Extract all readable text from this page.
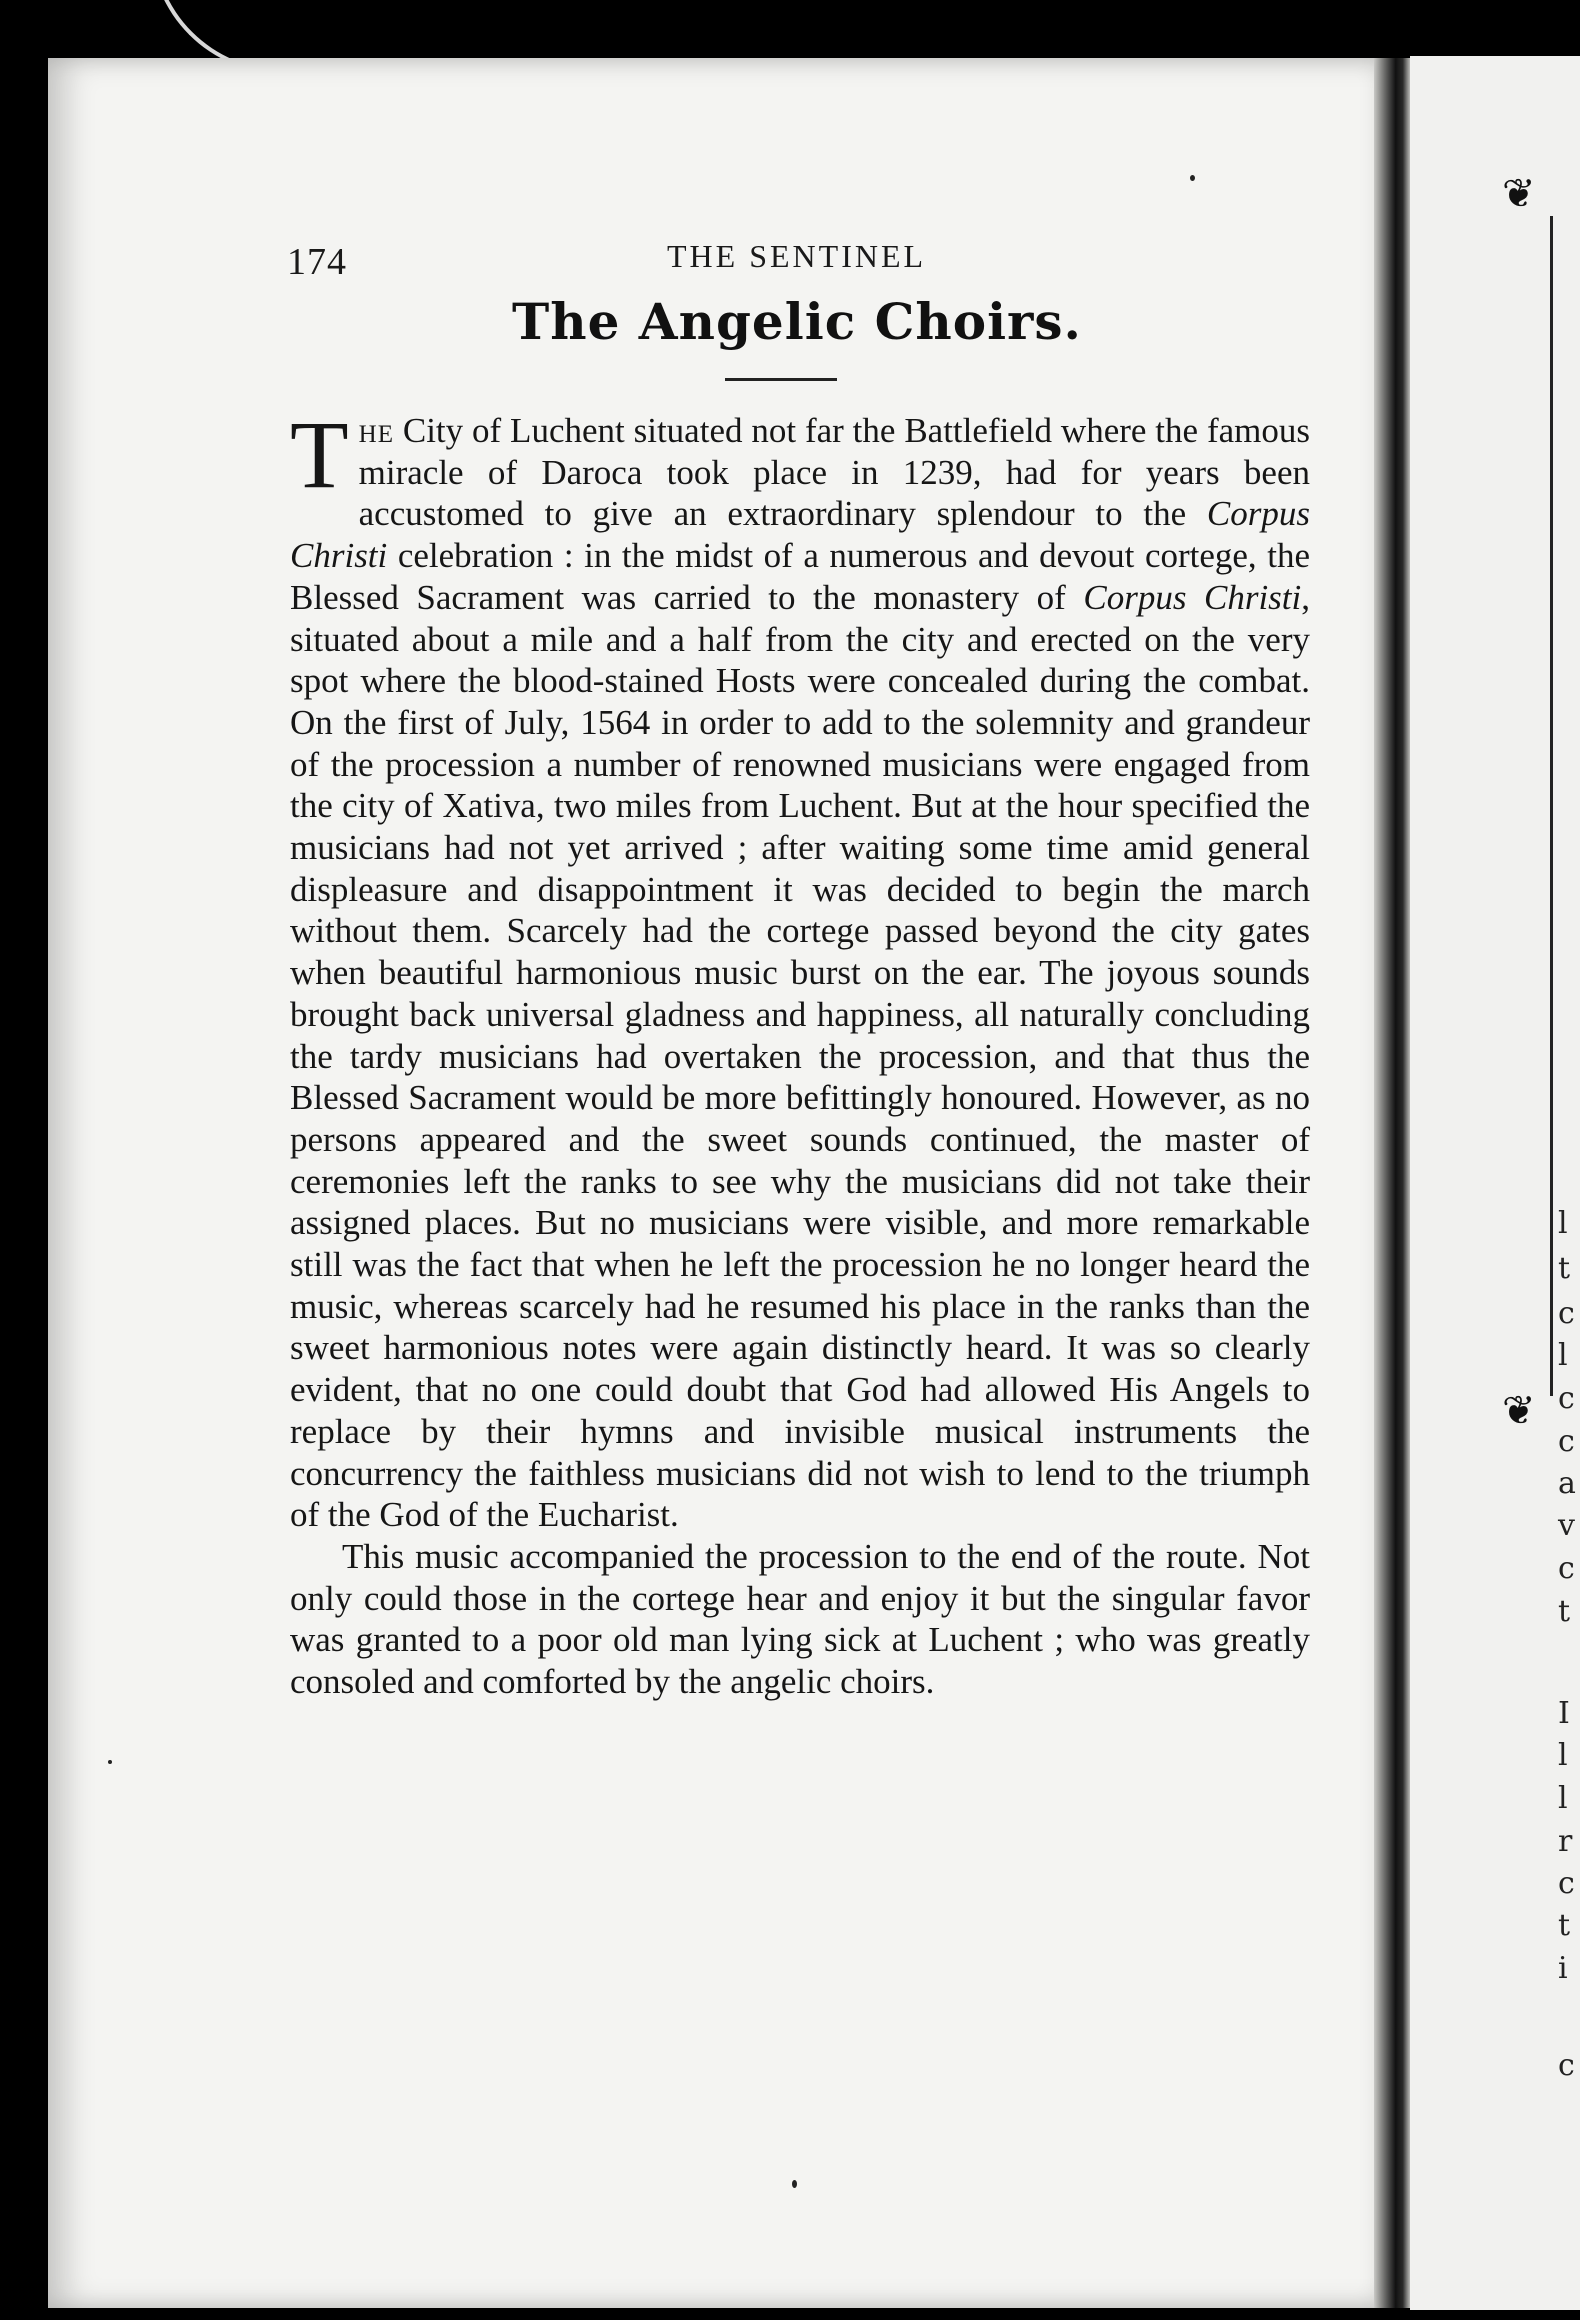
❦
❦
l
t
c
l
c
c
a
v
c
t
I
l
l
r
c
t
i
c
174	THE SENTINEL
The Angelic Choirs.

The City of Luchent situated not far the Battlefield where the famous miracle of Daroca took place in 1239, had for years been accustomed to give an extraordinary splendour to the Corpus Christi celebration : in the midst of a numerous and devout cortege, the Blessed Sacrament was carried to the monastery of Corpus Christi, situated about a mile and a half from the city and erected on the very spot where the blood-stained Hosts were concealed during the combat. On the first of July, 1564 in order to add to the solemnity and grandeur of the procession a number of renowned musicians were engaged from the city of Xativa, two miles from Luchent. But at the hour specified the musicians had not yet arrived ; after waiting some time amid general displeasure and disappointment it was decided to begin the march without them. Scarcely had the cortege passed beyond the city gates when beautiful harmonious music burst on the ear. The joyous sounds brought back universal gladness and happiness, all naturally concluding the tardy musicians had overtaken the procession, and that thus the Blessed Sacrament would be more befittingly honoured. However, as no persons appeared and the sweet sounds continued, the master of ceremonies left the ranks to see why the musicians did not take their assigned places. But no musicians were visible, and more remarkable still was the fact that when he left the procession he no longer heard the music, whereas scarcely had he resumed his place in the ranks than the sweet harmonious notes were again distinctly heard. It was so clearly evident, that no one could doubt that God had allowed His Angels to replace by their hymns and invisible musical instruments the concurrency the faithless musicians did not wish to lend to the triumph of the God of the Eucharist.

This music accompanied the procession to the end of the route. Not only could those in the cortege hear and enjoy it but the singular favor was granted to a poor old man lying sick at Luchent ; who was greatly consoled and comforted by the angelic choirs.
